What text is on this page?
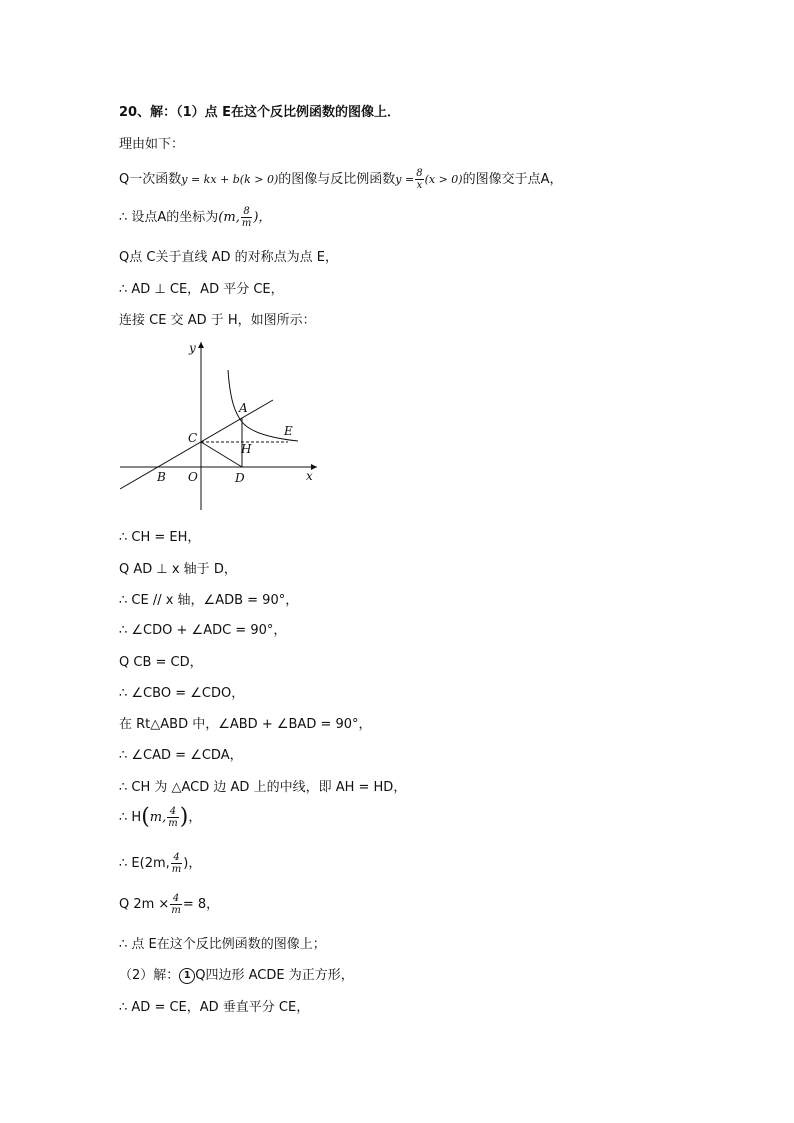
20、解：（1）点 E在这个反比例函数的图像上．
理由如下：
Q一次函数y = kx + b(k > 0)的图像与反比例函数$y = \frac{8}{x} (x > 0)$的图像交于点A，
∴ 设点A的坐标为(m, $\frac{8}{m}$ )，
Q点 C关于直线 AD 的对称点为点 E，
∴ AD ⊥ CE，AD 平分 CE，
连接 CE 交 AD 于 H，如图所示：
y
x
O
A
B
C
D
E
H
∴ CH = EH，
Q AD ⊥ x 轴于 D，
∴ CE // x 轴，∠ADB = 90°，
∴ ∠CDO + ∠ADC = 90°，
Q CB = CD，
∴ ∠CBO = ∠CDO，
在 Rt△ABD 中，∠ABD + ∠BAD = 90°，
∴ ∠CAD = ∠CDA，
∴ CH 为 △ACD 边 AD 上的中线，即 AH = HD，
∴ H(m, $\frac{4}{m}$ )，
∴ E(2m, $\frac{4}{m}$ )，
Q $2m \times \frac{4}{m} = 8$，
∴ 点 E在这个反比例函数的图像上；
（2）解： 1 Q四边形 ACDE 为正方形，
∴ AD = CE，AD 垂直平分 CE，
